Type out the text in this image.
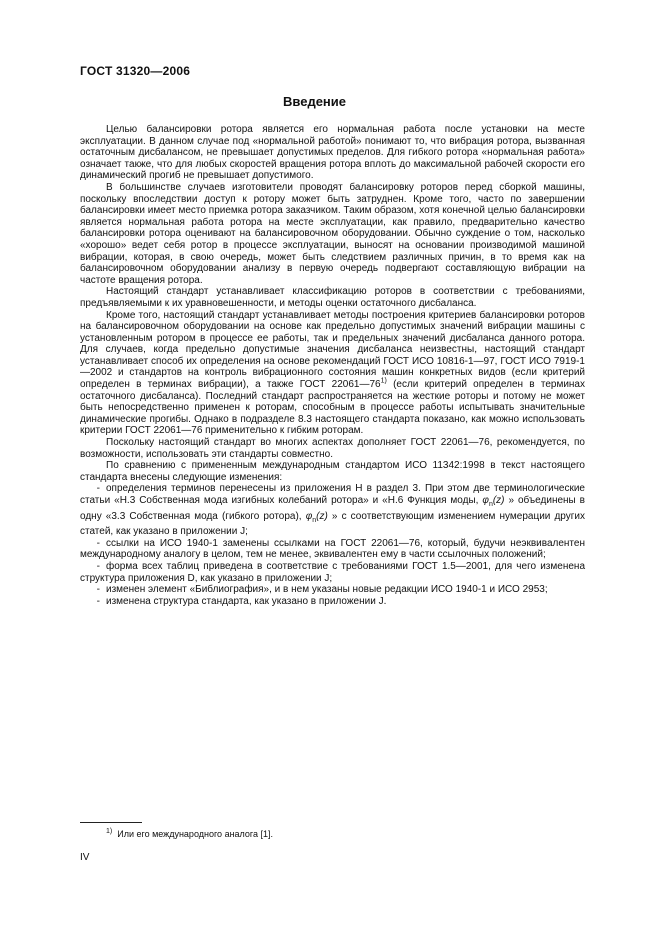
ГОСТ 31320—2006
Введение

Целью балансировки ротора является его нормальная работа после установки на месте эксплуатации. В данном случае под «нормальной работой» понимают то, что вибрация ротора, вызванная остаточным дисбалансом, не превышает допустимых пределов. Для гибкого ротора «нормальная работа» означает также, что для любых скоростей вращения ротора вплоть до максимальной рабочей скорости его динамический прогиб не превышает допустимого.

В большинстве случаев изготовители проводят балансировку роторов перед сборкой машины, поскольку впоследствии доступ к ротору может быть затруднен. Кроме того, часто по завершении балансировки имеет место приемка ротора заказчиком. Таким образом, хотя конечной целью балансировки является нормальная работа ротора на месте эксплуатации, как правило, предварительно качество балансировки ротора оценивают на балансировочном оборудовании. Обычно суждение о том, насколько «хорошо» ведет себя ротор в процессе эксплуатации, выносят на основании производимой машиной вибрации, которая, в свою очередь, может быть следствием различных причин, в то время как на балансировочном оборудовании анализу в первую очередь подвергают составляющую вибрации на частоте вращения ротора.

Настоящий стандарт устанавливает классификацию роторов в соответствии с требованиями, предъявляемыми к их уравновешенности, и методы оценки остаточного дисбаланса.

Кроме того, настоящий стандарт устанавливает методы построения критериев балансировки роторов на балансировочном оборудовании на основе как предельно допустимых значений вибрации машины с установленным ротором в процессе ее работы, так и предельных значений дисбаланса данного ротора. Для случаев, когда предельно допустимые значения дисбаланса неизвестны, настоящий стандарт устанавливает способ их определения на основе рекомендаций ГОСТ ИСО 10816-1—97, ГОСТ ИСО 7919-1—2002 и стандартов на контроль вибрационного состояния машин конкретных видов (если критерий определен в терминах вибрации), а также ГОСТ 22061—76$^{1)}$ (если критерий определен в терминах остаточного дисбаланса). Последний стандарт распространяется на жесткие роторы и потому не может быть непосредственно применен к роторам, способным в процессе работы испытывать значительные динамические прогибы. Однако в подразделе 8.3 настоящего стандарта показано, как можно использовать критерии ГОСТ 22061—76 применительно к гибким роторам.

Поскольку настоящий стандарт во многих аспектах дополняет ГОСТ 22061—76, рекомендуется, по возможности, использовать эти стандарты совместно.

По сравнению с примененным международным стандартом ИСО 11342:1998 в текст настоящего стандарта внесены следующие изменения:

- определения терминов перенесены из приложения Н в раздел 3. При этом две терминологические статьи «Н.3 Собственная мода изгибных колебаний ротора» и «Н.6 Функция моды, $\varphi_n(z)$ » объединены в одну «3.3 Собственная мода (гибкого ротора), $\varphi_n(z)$ » с соответствующим изменением нумерации других статей, как указано в приложении J;

- ссылки на ИСО 1940-1 заменены ссылками на ГОСТ 22061—76, который, будучи неэквивалентен международному аналогу в целом, тем не менее, эквивалентен ему в части ссылочных положений;

- форма всех таблиц приведена в соответствие с требованиями ГОСТ 1.5—2001, для чего изменена структура приложения D, как указано в приложении J;

- изменен элемент «Библиография», и в нем указаны новые редакции ИСО 1940-1 и ИСО 2953;

- изменена структура стандарта, как указано в приложении J.

$^{1)}$ Или его международного аналога [1].
IV
